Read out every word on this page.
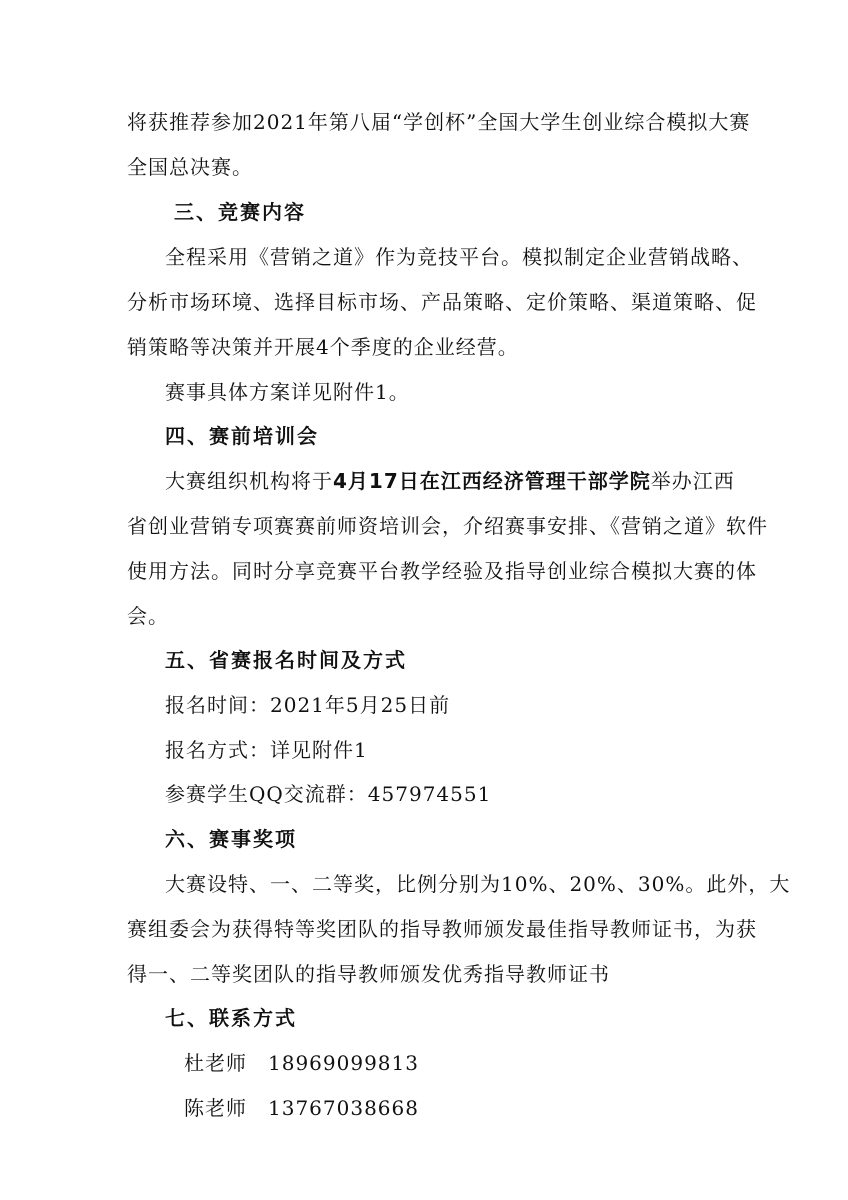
将获推荐参加2021年第八届“学创杯”全国大学生创业综合模拟大赛
全国总决赛。
三、竞赛内容
全程采用《营销之道》作为竞技平台。模拟制定企业营销战略、
分析市场环境、选择目标市场、产品策略、定价策略、渠道策略、促
销策略等决策并开展4个季度的企业经营。
赛事具体方案详见附件1。
四、赛前培训会
大赛组织机构将于4月17日在江西经济管理干部学院举办江西
省创业营销专项赛赛前师资培训会，介绍赛事安排、《营销之道》软件
使用方法。同时分享竞赛平台教学经验及指导创业综合模拟大赛的体
会。
五、省赛报名时间及方式
报名时间：2021年5月25日前
报名方式：详见附件1
参赛学生QQ交流群：457974551
六、赛事奖项
大赛设特、一、二等奖，比例分别为10%、20%、30%。此外，大
赛组委会为获得特等奖团队的指导教师颁发最佳指导教师证书，为获
得一、二等奖团队的指导教师颁发优秀指导教师证书
七、联系方式
杜老师　18969099813
陈老师　13767038668
